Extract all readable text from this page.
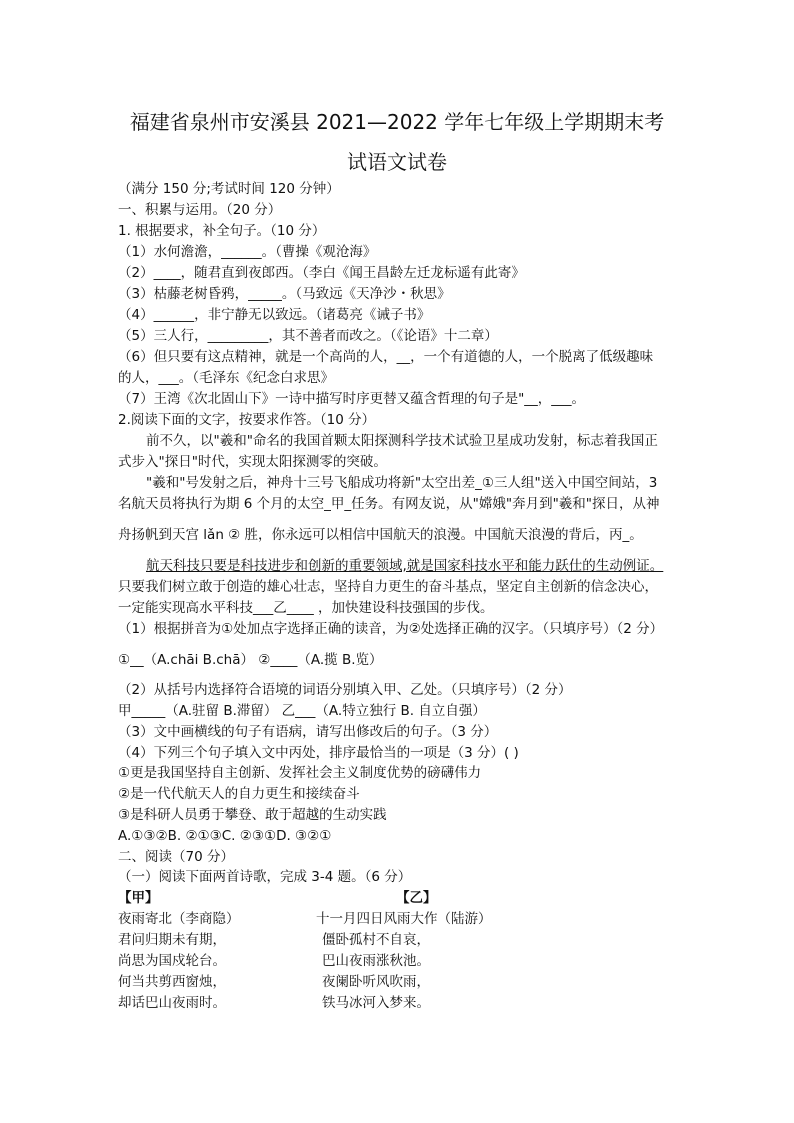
福建省泉州市安溪县 2021—2022 学年七年级上学期期末考
试语文试卷
（满分 150 分;考试时间 120 分钟）
一、积累与运用。（20 分）
1. 根据要求，补全句子。（10 分）
（1）水何澹澹，______。（曹操《观沧海》
（2）____，随君直到夜郎西。（李白《闻王昌龄左迁龙标遥有此寄》
（3）枯藤老树昏鸦，_____。（马致远《天净沙・秋思》
（4）______，非宁静无以致远。（诸葛亮《诫子书》
（5）三人行，_________，其不善者而改之。（《论语》十二章）
（6）但只要有这点精神，就是一个高尚的人，__，一个有道德的人，一个脱离了低级趣味
的人，___。（毛泽东《纪念白求思》
（7）王湾《次北固山下》一诗中描写时序更替又蕴含哲理的句子是"__，___。
2.阅读下面的文字，按要求作答。（10 分）
前不久，以"羲和"命名的我国首颗太阳探测科学技术试验卫星成功发射，标志着我国正
式步入"探日"时代，实现太阳探测零的突破。
"羲和"号发射之后，神舟十三号飞船成功将新"太空出差_①三人组"送入中国空间站，3
名航天员将执行为期 6 个月的太空_甲_任务。有网友说，从"嫦娥"奔月到"羲和"探日，从神
舟扬帆到天宫 lǎn ② 胜，你永远可以相信中国航天的浪漫。中国航天浪漫的背后，丙_。
航天科技只要是科技进步和创新的重要领域,就是国家科技水平和能力跃仕的生动例证。
只要我们树立敢于创造的雄心壮志，坚持自力更生的奋斗基点，坚定自主创新的信念决心，
一定能实现高水平科技___乙____ ，加快建设科技强国的步伐。
（1）根据拼音为①处加点字选择正确的读音，为②处选择正确的汉字。（只填序号）（2 分）
①__（A.chāi B.chā） ②____（A.揽 B.览）
（2）从括号内选择符合语境的词语分别填入甲、乙处。（只填序号）（2 分）
甲_____（A.驻留 B.滞留） 乙___（A.特立独行 B. 自立自强）
（3）文中画横线的句子有语病，请写出修改后的句子。（3 分）
（4）下列三个句子填入文中丙处，排序最恰当的一项是（3 分）( )
①更是我国坚持自主创新、发挥社会主义制度优势的磅礴伟力
②是一代代航天人的自力更生和接续奋斗
③是科研人员勇于攀登、敢于超越的生动实践
A.①③②B. ②①③C. ②③①D. ③②①
二、阅读（70 分）
（一）阅读下面两首诗歌，完成 3-4 题。（6 分）
【甲】
夜雨寄北（李商隐）
君问归期未有期，
尚思为国戍轮台。
何当共剪西窗烛，
却话巴山夜雨时。
【乙】
十一月四日风雨大作（陆游）
僵卧孤村不自哀，
巴山夜雨涨秋池。
夜阑卧听风吹雨，
铁马冰河入梦来。
